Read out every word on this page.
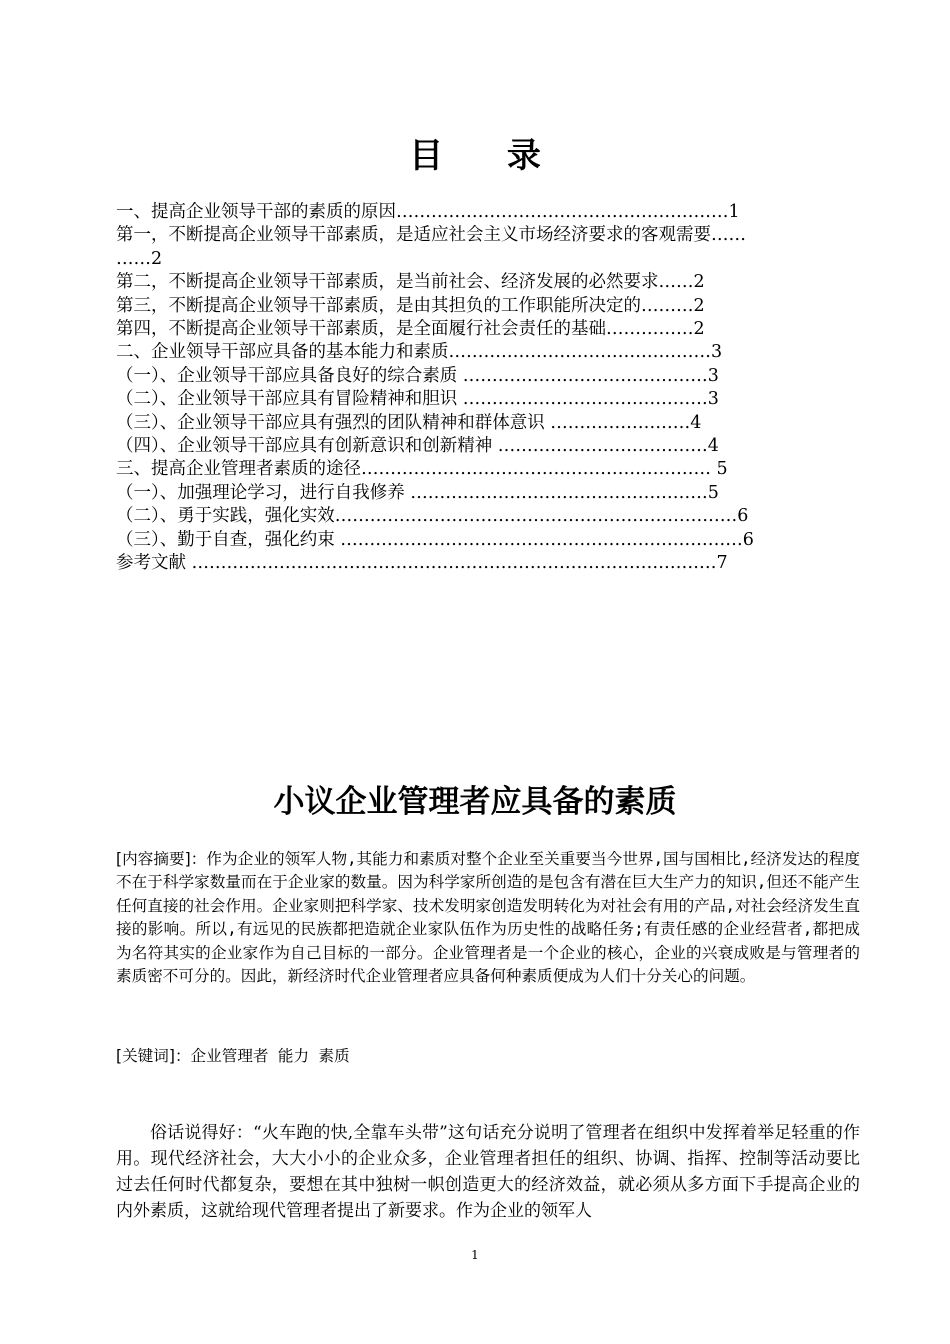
目 录
一、提高企业领导干部的素质的原因…………………………………………………1
第一，不断提高企业领导干部素质，是适应社会主义市场经济要求的客观需要……
……2
第二，不断提高企业领导干部素质，是当前社会、经济发展的必然要求……2
第三，不断提高企业领导干部素质，是由其担负的工作职能所决定的………2
第四，不断提高企业领导干部素质，是全面履行社会责任的基础……………2
二、企业领导干部应具备的基本能力和素质………………………………………3
（一）、企业领导干部应具备良好的综合素质 ……………………………………3
（二）、企业领导干部应具有冒险精神和胆识 ……………………………………3
（三）、企业领导干部应具有强烈的团队精神和群体意识 ……………………4
（四）、企业领导干部应具有创新意识和创新精神 ………………………………4
三、提高企业管理者素质的途径…………………………………………………… 5
（一）、加强理论学习，进行自我修养 ……………………………………………5
（二）、勇于实践，强化实效……………………………………………………………6
（三）、勤于自查，强化约束 ……………………………………………………………6
参考文献 ………………………………………………………………………………7
小议企业管理者应具备的素质
[内容摘要]：作为企业的领军人物,其能力和素质对整个企业至关重要当今世界,国与国相比,经济发达的程度不在于科学家数量而在于企业家的数量。因为科学家所创造的是包含有潜在巨大生产力的知识,但还不能产生任何直接的社会作用。企业家则把科学家、技术发明家创造发明转化为对社会有用的产品,对社会经济发生直接的影响。所以,有远见的民族都把造就企业家队伍作为历史性的战略任务;有责任感的企业经营者,都把成为名符其实的企业家作为自己目标的一部分。企业管理者是一个企业的核心，企业的兴衰成败是与管理者的素质密不可分的。因此，新经济时代企业管理者应具备何种素质便成为人们十分关心的问题。
[关键词]：企业管理者 能力 素质
俗话说得好：“火车跑的快,全靠车头带”这句话充分说明了管理者在组织中发挥着举足轻重的作用。现代经济社会，大大小小的企业众多，企业管理者担任的组织、协调、指挥、控制等活动要比过去任何时代都复杂，要想在其中独树一帜创造更大的经济效益，就必须从多方面下手提高企业的内外素质，这就给现代管理者提出了新要求。作为企业的领军人
1
